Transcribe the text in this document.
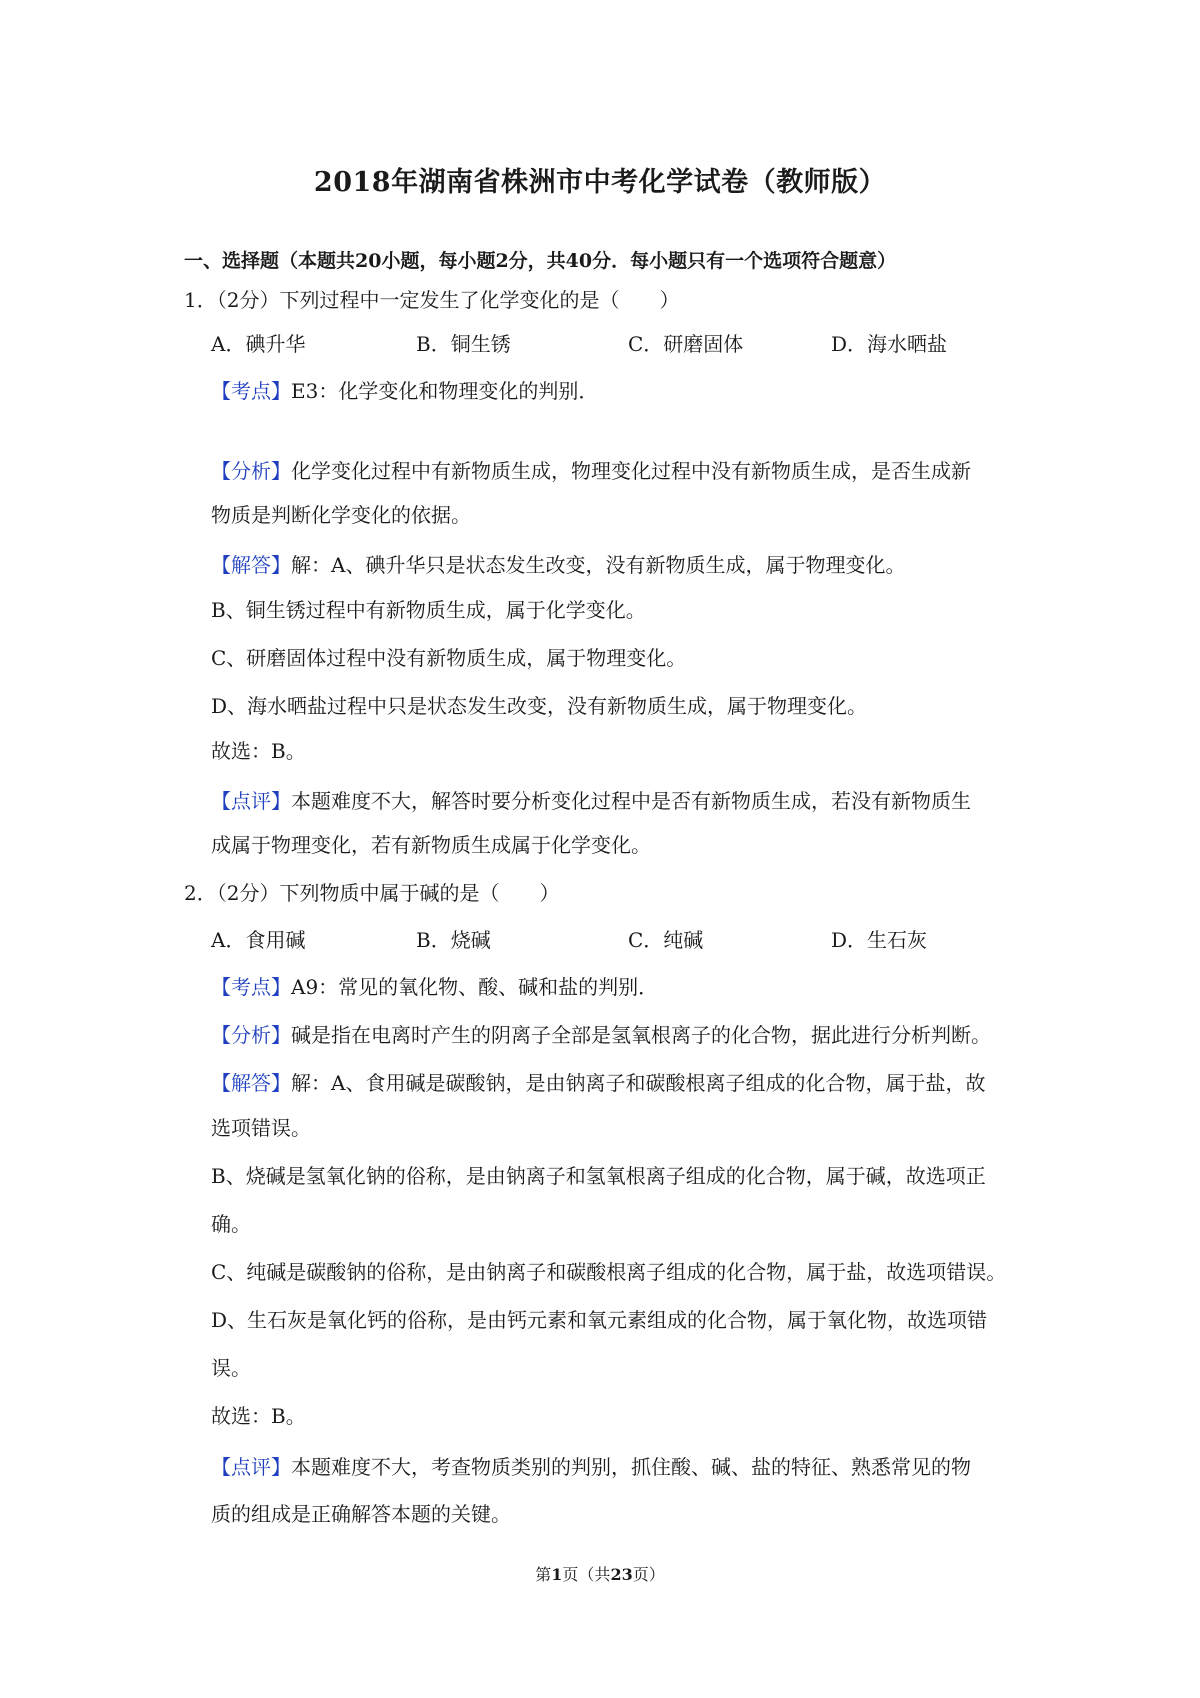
2018年湖南省株洲市中考化学试卷（教师版）
一、选择题（本题共20小题，每小题2分，共40分．每小题只有一个选项符合题意）
1．（2分）下列过程中一定发生了化学变化的是（　　）
A．碘升华	B．铜生锈	C．研磨固体	D．海水晒盐
【考点】E3：化学变化和物理变化的判别．
【分析】化学变化过程中有新物质生成，物理变化过程中没有新物质生成，是否生成新
物质是判断化学变化的依据。
【解答】解：A、碘升华只是状态发生改变，没有新物质生成，属于物理变化。
B、铜生锈过程中有新物质生成，属于化学变化。
C、研磨固体过程中没有新物质生成，属于物理变化。
D、海水晒盐过程中只是状态发生改变，没有新物质生成，属于物理变化。
故选：B。
【点评】本题难度不大，解答时要分析变化过程中是否有新物质生成，若没有新物质生
成属于物理变化，若有新物质生成属于化学变化。
2．（2分）下列物质中属于碱的是（　　）
A．食用碱	B．烧碱	C．纯碱	D．生石灰
【考点】A9：常见的氧化物、酸、碱和盐的判别．
【分析】碱是指在电离时产生的阴离子全部是氢氧根离子的化合物，据此进行分析判断。
【解答】解：A、食用碱是碳酸钠，是由钠离子和碳酸根离子组成的化合物，属于盐，故
选项错误。
B、烧碱是氢氧化钠的俗称，是由钠离子和氢氧根离子组成的化合物，属于碱，故选项正
确。
C、纯碱是碳酸钠的俗称，是由钠离子和碳酸根离子组成的化合物，属于盐，故选项错误。
D、生石灰是氧化钙的俗称，是由钙元素和氧元素组成的化合物，属于氧化物，故选项错
误。
故选：B。
【点评】本题难度不大，考查物质类别的判别，抓住酸、碱、盐的特征、熟悉常见的物
质的组成是正确解答本题的关键。
第1页（共23页）
